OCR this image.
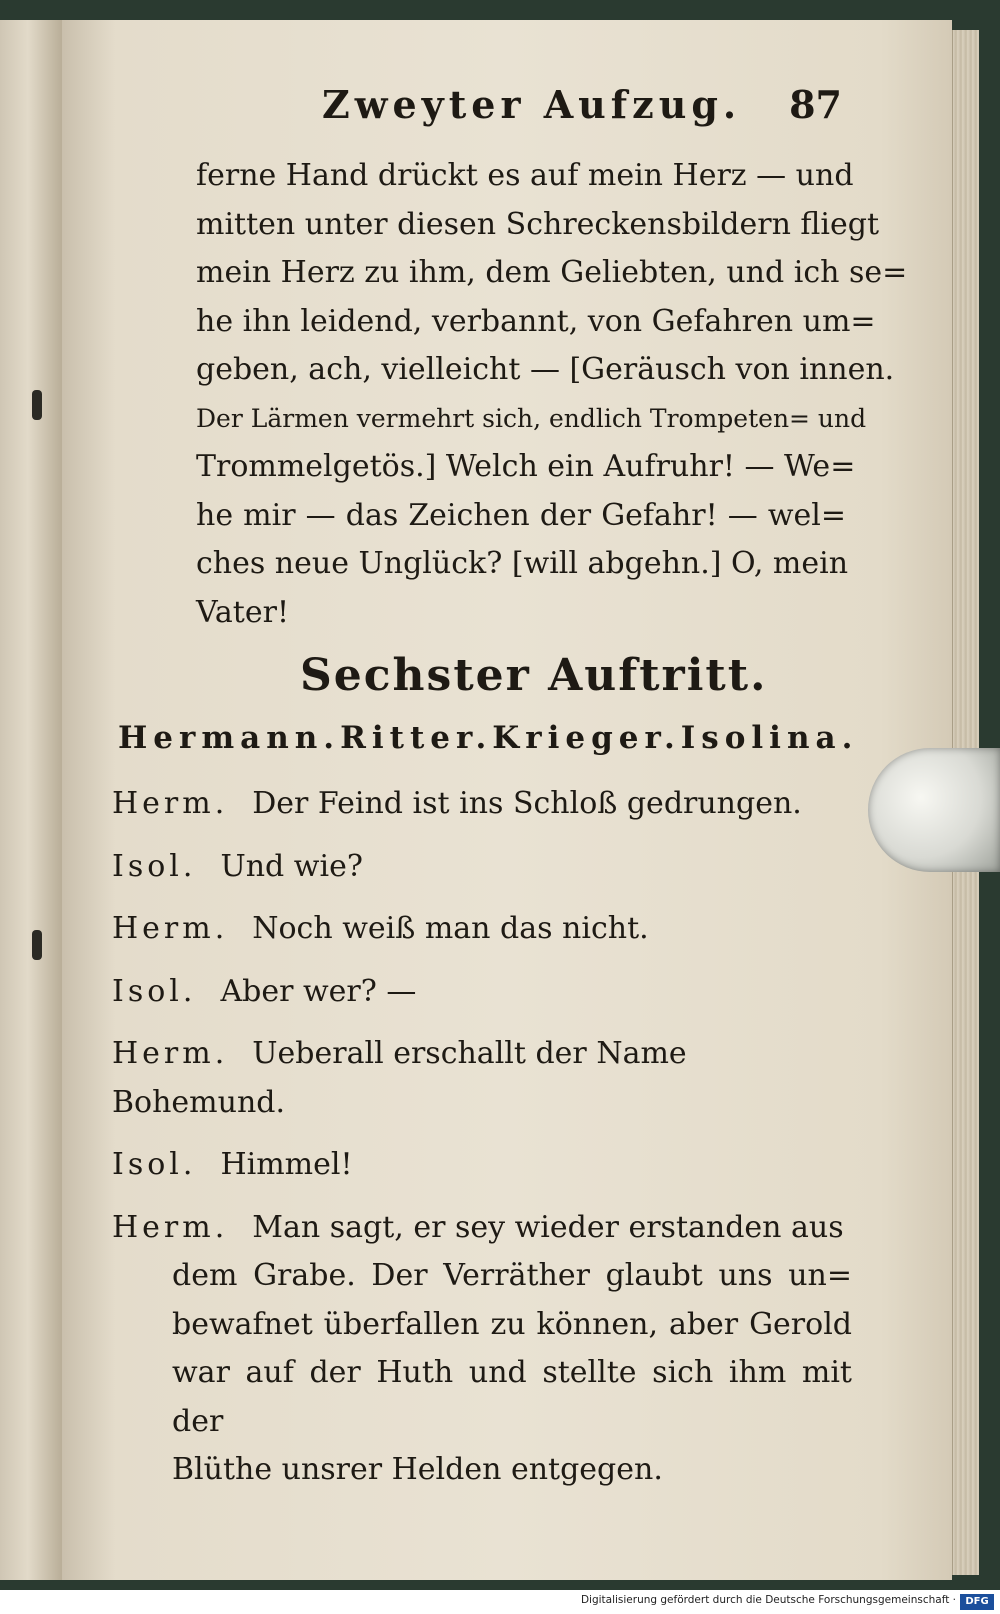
Zweyter Aufzug. 87
ferne Hand drückt es auf mein Herz — und
mitten unter diesen Schreckensbildern fliegt
mein Herz zu ihm, dem Geliebten, und ich se=
he ihn leidend, verbannt, von Gefahren um=
geben, ach, vielleicht — [Geräusch von innen.
Der Lärmen vermehrt sich, endlich Trompeten= und
Trommelgetös.] Welch ein Aufruhr! — We=
he mir — das Zeichen der Gefahr! — wel=
ches neue Unglück? [will abgehn.] O, mein
Vater!
Sechster Auftritt.
Hermann. Ritter. Krieger. Isolina.
Herm. Der Feind ist ins Schloß gedrungen.
Isol. Und wie?
Herm. Noch weiß man das nicht.
Isol. Aber wer? —
Herm. Ueberall erschallt der Name Bohemund.
Isol. Himmel!
Herm. Man sagt, er sey wieder erstanden aus
dem Grabe. Der Verräther glaubt uns un=
bewafnet überfallen zu können, aber Gerold
war auf der Huth und stellte sich ihm mit der
Blüthe unsrer Helden entgegen.
Digitalisierung gefördert durch die Deutsche Forschungsgemeinschaft · DFG
